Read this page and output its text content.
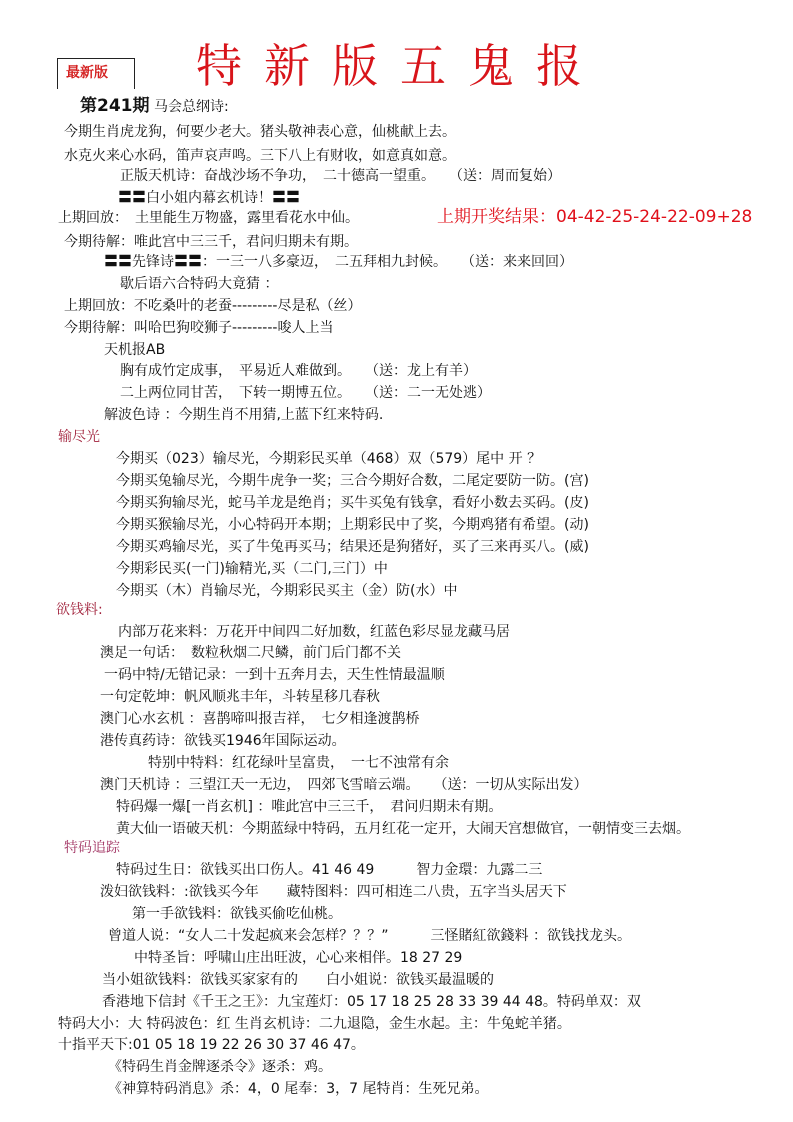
最新版 特新版五鬼报
第241期 马会总纲诗:
今期生肖虎龙狗，何要少老大。猪头敬神表心意，仙桃献上去。
水克火来心水码，笛声哀声鸣。三下八上有财收，如意真如意。
正版天机诗：奋战沙场不争功，　二十德高一望重。　　（送：周而复始）
〓〓白小姐内幕玄机诗！〓〓
上期回放：　土里能生万物盛，露里看花水中仙。
今期待解：唯此宫中三三千，君问归期未有期。
〓〓先锋诗〓〓：一三一八多豪迈，　二五拜相九封候。　　（送：来来回回）
歇后语六合特码大竟猜 ：
上期回放：不吃桑叶的老蚕---------尽是私（丝）
今期待解：叫哈巴狗咬狮子---------唆人上当
天机报AB
胸有成竹定成事，　平易近人难做到。　　（送：龙上有羊）
二上两位同甘苦，　下转一期博五位。　　（送：二一无处逃）
解波色诗 ：今期生肖不用猜,上蓝下红来特码.
今期买（023）输尽光，今期彩民买单（468）双（579）尾中 开 ？
今期买兔输尽光，今期牛虎争一奖；三合今期好合数，二尾定要防一防。(宫)
今期买狗输尽光，蛇马羊龙是绝肖；买牛买兔有钱拿，看好小数去买码。(皮)
今期买猴输尽光，小心特码开本期；上期彩民中了奖，今期鸡猪有希望。(动)
今期买鸡输尽光，买了牛兔再买马；结果还是狗猪好，买了三来再买八。(威)
今期彩民买(一门)输精光,买（二门,三门）中
今期买（木）肖输尽光，今期彩民买主（金）防(水）中
内部万花来料：万花开中间四二好加数，红蓝色彩尽显龙藏马居
澳足一句话：　数粒秋烟二尺鳞，前门后门都不关
一码中特/无错记录：一到十五奔月去，天生性情最温顺
一句定乾坤：帆风顺兆丰年，斗转星移几春秋
澳门心水玄机 ：喜鹊啼叫报吉祥，　七夕相逢渡鹊桥
港传真药诗：欲钱买1946年国际运动。
特别中特料：红花绿叶呈富贵，　一七不浊常有余
澳门天机诗 ：三望江天一无边，　四郊飞雪暗云端。　　（送：一切从实际出发）
特码爆一爆[一肖玄机] ：唯此宫中三三千，　君问归期未有期。
黄大仙一语破天机：今期蓝绿中特码，五月红花一定开，大闹天宫想做官，一朝情变三去烟。
特码过生日：欲钱买出口伤人。41 46 49　　　智力金環：九露二三
泼妇欲钱料：:欲钱买今年　　藏特图料：四可相连二八贵，五字当头居天下
第一手欲钱料：欲钱买偷吃仙桃。
曾道人说：“女人二十发起疯来会怎样？？？”　　　三怪賭紅欲錢料 ：欲钱找龙头。
中特圣旨：呼啸山庄出旺波，心心来相伴。18 27 29
当小姐欲钱料：欲钱买家家有的　　白小姐说：欲钱买最温暖的
香港地下信封《千王之王》：九宝莲灯：05 17 18 25 28 33 39 44 48。特码单双：双
特码大小：大 特码波色：红 生肖玄机诗：二九退隐，金生水起。主：牛兔蛇羊猪。
十指平天下:01 05 18 19 22 26 30 37 46 47。
《特码生肖金牌逐杀令》逐杀：鸡。
《神算特码消息》杀：4，0 尾奉：3，7 尾特肖：生死兄弟。
上期开奖结果：04-42-25-24-22-09+28
输尽光
欲钱料:
特码追踪
